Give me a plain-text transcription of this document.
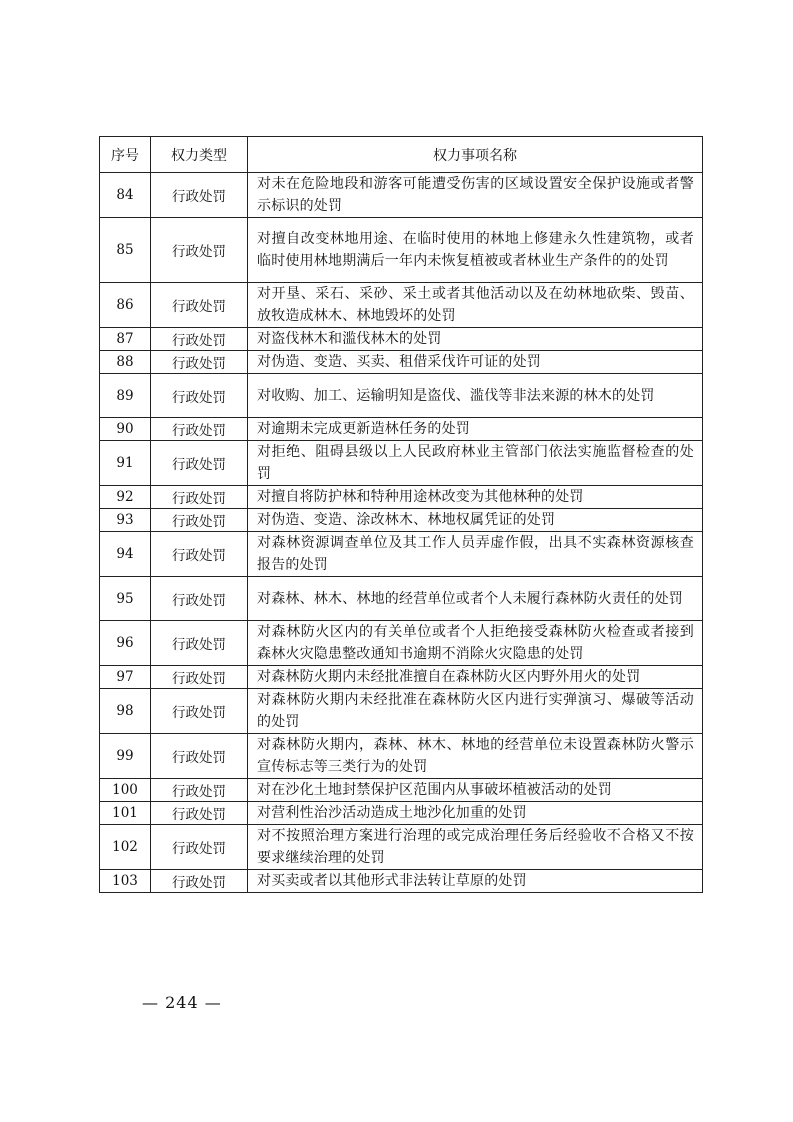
序号	权力类型	权力事项名称
84	行政处罚	对未在危险地段和游客可能遭受伤害的区域设置安全保护设施或者警示标识的处罚
85	行政处罚	对擅自改变林地用途、在临时使用的林地上修建永久性建筑物，或者临时使用林地期满后一年内未恢复植被或者林业生产条件的的处罚
86	行政处罚	对开垦、采石、采砂、采土或者其他活动以及在幼林地砍柴、毁苗、放牧造成林木、林地毁坏的处罚
87	行政处罚	对盗伐林木和滥伐林木的处罚
88	行政处罚	对伪造、变造、买卖、租借采伐许可证的处罚
89	行政处罚	对收购、加工、运输明知是盗伐、滥伐等非法来源的林木的处罚
90	行政处罚	对逾期未完成更新造林任务的处罚
91	行政处罚	对拒绝、阻碍县级以上人民政府林业主管部门依法实施监督检查的处罚
92	行政处罚	对擅自将防护林和特种用途林改变为其他林种的处罚
93	行政处罚	对伪造、变造、涂改林木、林地权属凭证的处罚
94	行政处罚	对森林资源调查单位及其工作人员弄虚作假，出具不实森林资源核查报告的处罚
95	行政处罚	对森林、林木、林地的经营单位或者个人未履行森林防火责任的处罚
96	行政处罚	对森林防火区内的有关单位或者个人拒绝接受森林防火检查或者接到森林火灾隐患整改通知书逾期不消除火灾隐患的处罚
97	行政处罚	对森林防火期内未经批准擅自在森林防火区内野外用火的处罚
98	行政处罚	对森林防火期内未经批准在森林防火区内进行实弹演习、爆破等活动的处罚
99	行政处罚	对森林防火期内，森林、林木、林地的经营单位未设置森林防火警示宣传标志等三类行为的处罚
100	行政处罚	对在沙化土地封禁保护区范围内从事破坏植被活动的处罚
101	行政处罚	对营利性治沙活动造成土地沙化加重的处罚
102	行政处罚	对不按照治理方案进行治理的或完成治理任务后经验收不合格又不按要求继续治理的处罚
103	行政处罚	对买卖或者以其他形式非法转让草原的处罚
— 244 —
